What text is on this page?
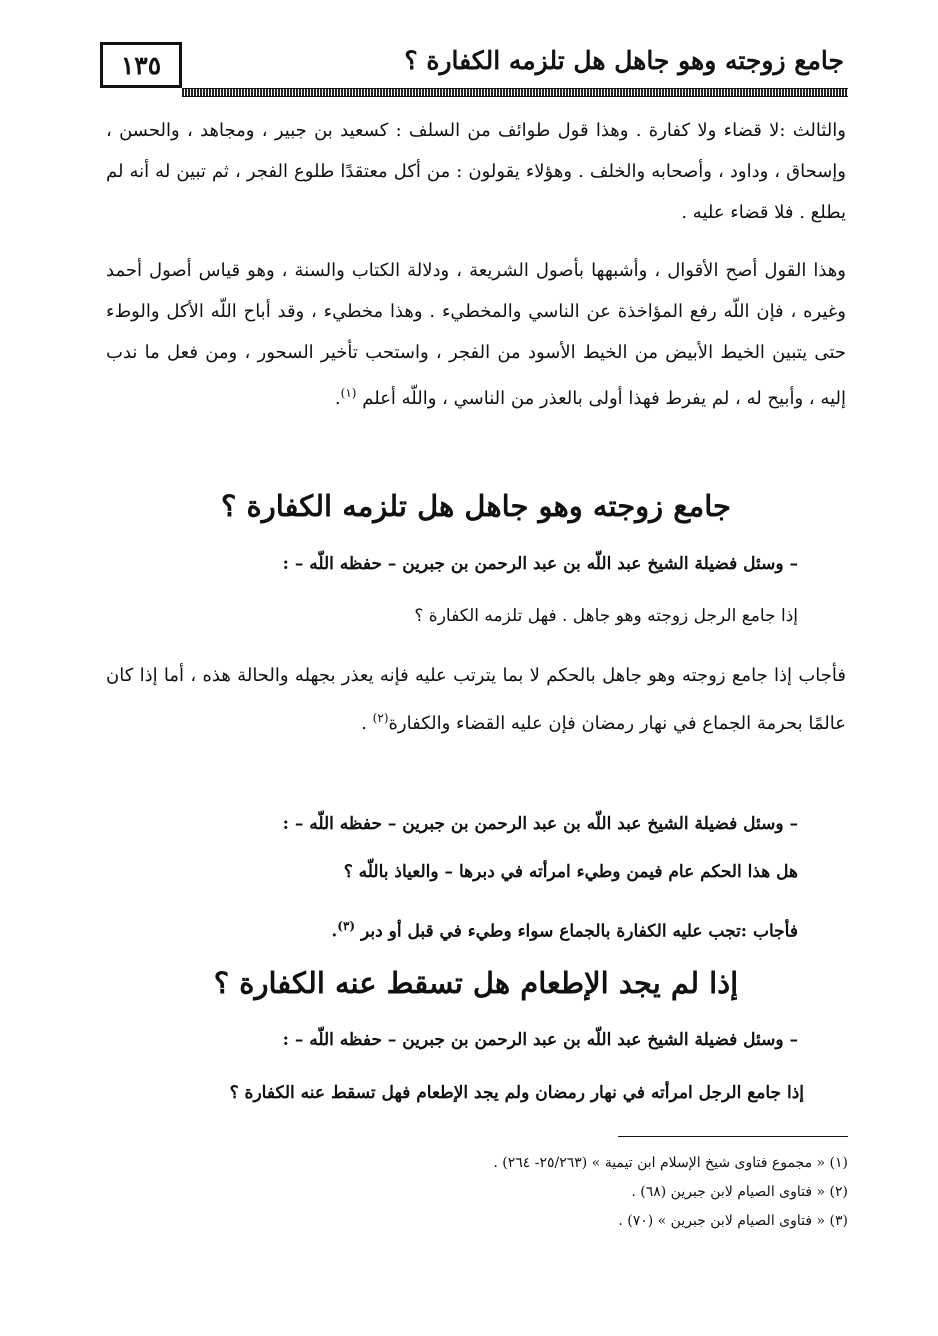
١٣٥	جامع زوجته وهو جاهل هل تلزمه الكفارة ؟

والثالث :لا قضاء ولا كفارة . وهذا قول طوائف من السلف : كسعيد بن جبير ، ومجاهد ، والحسن ، وإسحاق ، وداود ، وأصحابه والخلف . وهؤلاء يقولون : من أكل معتقدًا طلوع الفجر ، ثم تبين له أنه لم يطلع . فلا قضاء عليه .

وهذا القول أصح الأقوال ، وأشبهها بأصول الشريعة ، ودلالة الكتاب والسنة ، وهو قياس أصول أحمد وغيره ، فإن اللّه رفع المؤاخذة عن الناسي والمخطيء . وهذا مخطيء ، وقد أباح اللّه الأكل والوطء حتى يتبين الخيط الأبيض من الخيط الأسود من الفجر ، واستحب تأخير السحور ، ومن فعل ما ندب إليه ، وأبيح له ، لم يفرط فهذا أولى بالعذر من الناسي ، واللّه أعلم $^{(١)}$.

جامع زوجته وهو جاهل هل تلزمه الكفارة ؟
– وسئل فضيلة الشيخ عبد اللّه بن عبد الرحمن بن جبرين – حفظه اللّه – :
إذا جامع الرجل زوجته وهو جاهل . فهل تلزمه الكفارة ؟

فأجاب إذا جامع زوجته وهو جاهل بالحكم لا بما يترتب عليه فإنه يعذر بجهله والحالة هذه ، أما إذا كان عالمًا بحرمة الجماع في نهار رمضان فإن عليه القضاء والكفارة$^{(٢)}$ .

– وسئل فضيلة الشيخ عبد اللّه بن عبد الرحمن بن جبرين – حفظه اللّه – :
هل هذا الحكم عام فيمن وطيء امرأته في دبرها – والعياذ باللّه ؟
فأجاب :تجب عليه الكفارة بالجماع سواء وطيء في قبل أو دبر $^{(٣)}$.
إذا لم يجد الإطعام هل تسقط عنه الكفارة ؟
– وسئل فضيلة الشيخ عبد اللّه بن عبد الرحمن بن جبرين – حفظه اللّه – :
إذا جامع الرجل امرأته في نهار رمضان ولم يجد الإطعام فهل تسقط عنه الكفارة ؟
(١) « مجموع فتاوى شيخ الإسلام ابن تيمية » (٢٥/٢٦٣- ٢٦٤) .
(٢) « فتاوى الصيام لابن جبرين (٦٨) .
(٣) « فتاوى الصيام لابن جبرين » (٧٠) .
